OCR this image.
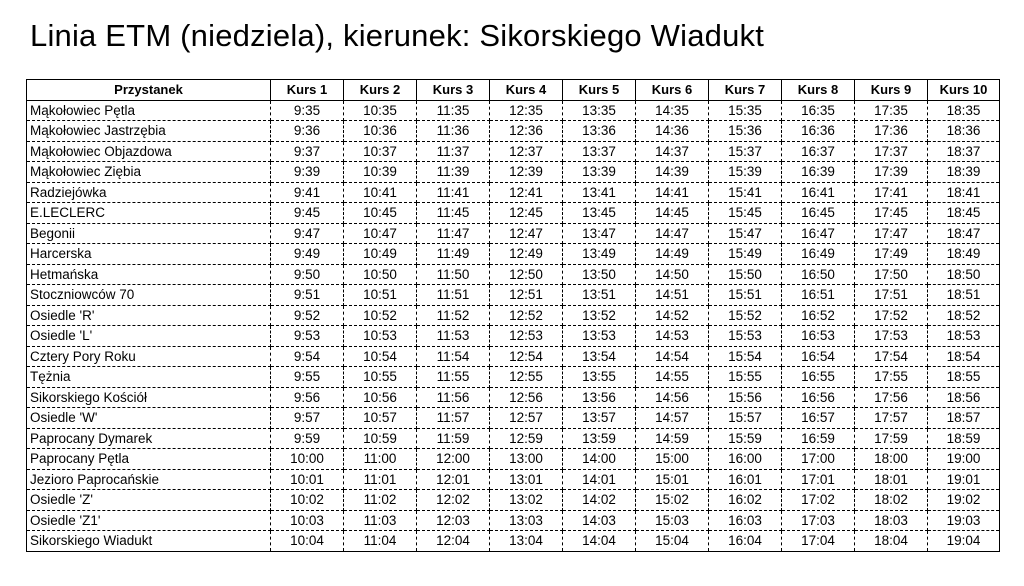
Linia ETM (niedziela), kierunek: Sikorskiego Wiadukt
Przystanek	Kurs 1	Kurs 2	Kurs 3	Kurs 4	Kurs 5	Kurs 6	Kurs 7	Kurs 8	Kurs 9	Kurs 10
Mąkołowiec Pętla	9:35	10:35	11:35	12:35	13:35	14:35	15:35	16:35	17:35	18:35
Mąkołowiec Jastrzębia	9:36	10:36	11:36	12:36	13:36	14:36	15:36	16:36	17:36	18:36
Mąkołowiec Objazdowa	9:37	10:37	11:37	12:37	13:37	14:37	15:37	16:37	17:37	18:37
Mąkołowiec Ziębia	9:39	10:39	11:39	12:39	13:39	14:39	15:39	16:39	17:39	18:39
Radziejówka	9:41	10:41	11:41	12:41	13:41	14:41	15:41	16:41	17:41	18:41
E.LECLERC	9:45	10:45	11:45	12:45	13:45	14:45	15:45	16:45	17:45	18:45
Begonii	9:47	10:47	11:47	12:47	13:47	14:47	15:47	16:47	17:47	18:47
Harcerska	9:49	10:49	11:49	12:49	13:49	14:49	15:49	16:49	17:49	18:49
Hetmańska	9:50	10:50	11:50	12:50	13:50	14:50	15:50	16:50	17:50	18:50
Stoczniowców 70	9:51	10:51	11:51	12:51	13:51	14:51	15:51	16:51	17:51	18:51
Osiedle 'R'	9:52	10:52	11:52	12:52	13:52	14:52	15:52	16:52	17:52	18:52
Osiedle 'L'	9:53	10:53	11:53	12:53	13:53	14:53	15:53	16:53	17:53	18:53
Cztery Pory Roku	9:54	10:54	11:54	12:54	13:54	14:54	15:54	16:54	17:54	18:54
Tężnia	9:55	10:55	11:55	12:55	13:55	14:55	15:55	16:55	17:55	18:55
Sikorskiego Kościół	9:56	10:56	11:56	12:56	13:56	14:56	15:56	16:56	17:56	18:56
Osiedle 'W'	9:57	10:57	11:57	12:57	13:57	14:57	15:57	16:57	17:57	18:57
Paprocany Dymarek	9:59	10:59	11:59	12:59	13:59	14:59	15:59	16:59	17:59	18:59
Paprocany Pętla	10:00	11:00	12:00	13:00	14:00	15:00	16:00	17:00	18:00	19:00
Jezioro Paprocańskie	10:01	11:01	12:01	13:01	14:01	15:01	16:01	17:01	18:01	19:01
Osiedle 'Z'	10:02	11:02	12:02	13:02	14:02	15:02	16:02	17:02	18:02	19:02
Osiedle 'Z1'	10:03	11:03	12:03	13:03	14:03	15:03	16:03	17:03	18:03	19:03
Sikorskiego Wiadukt	10:04	11:04	12:04	13:04	14:04	15:04	16:04	17:04	18:04	19:04
